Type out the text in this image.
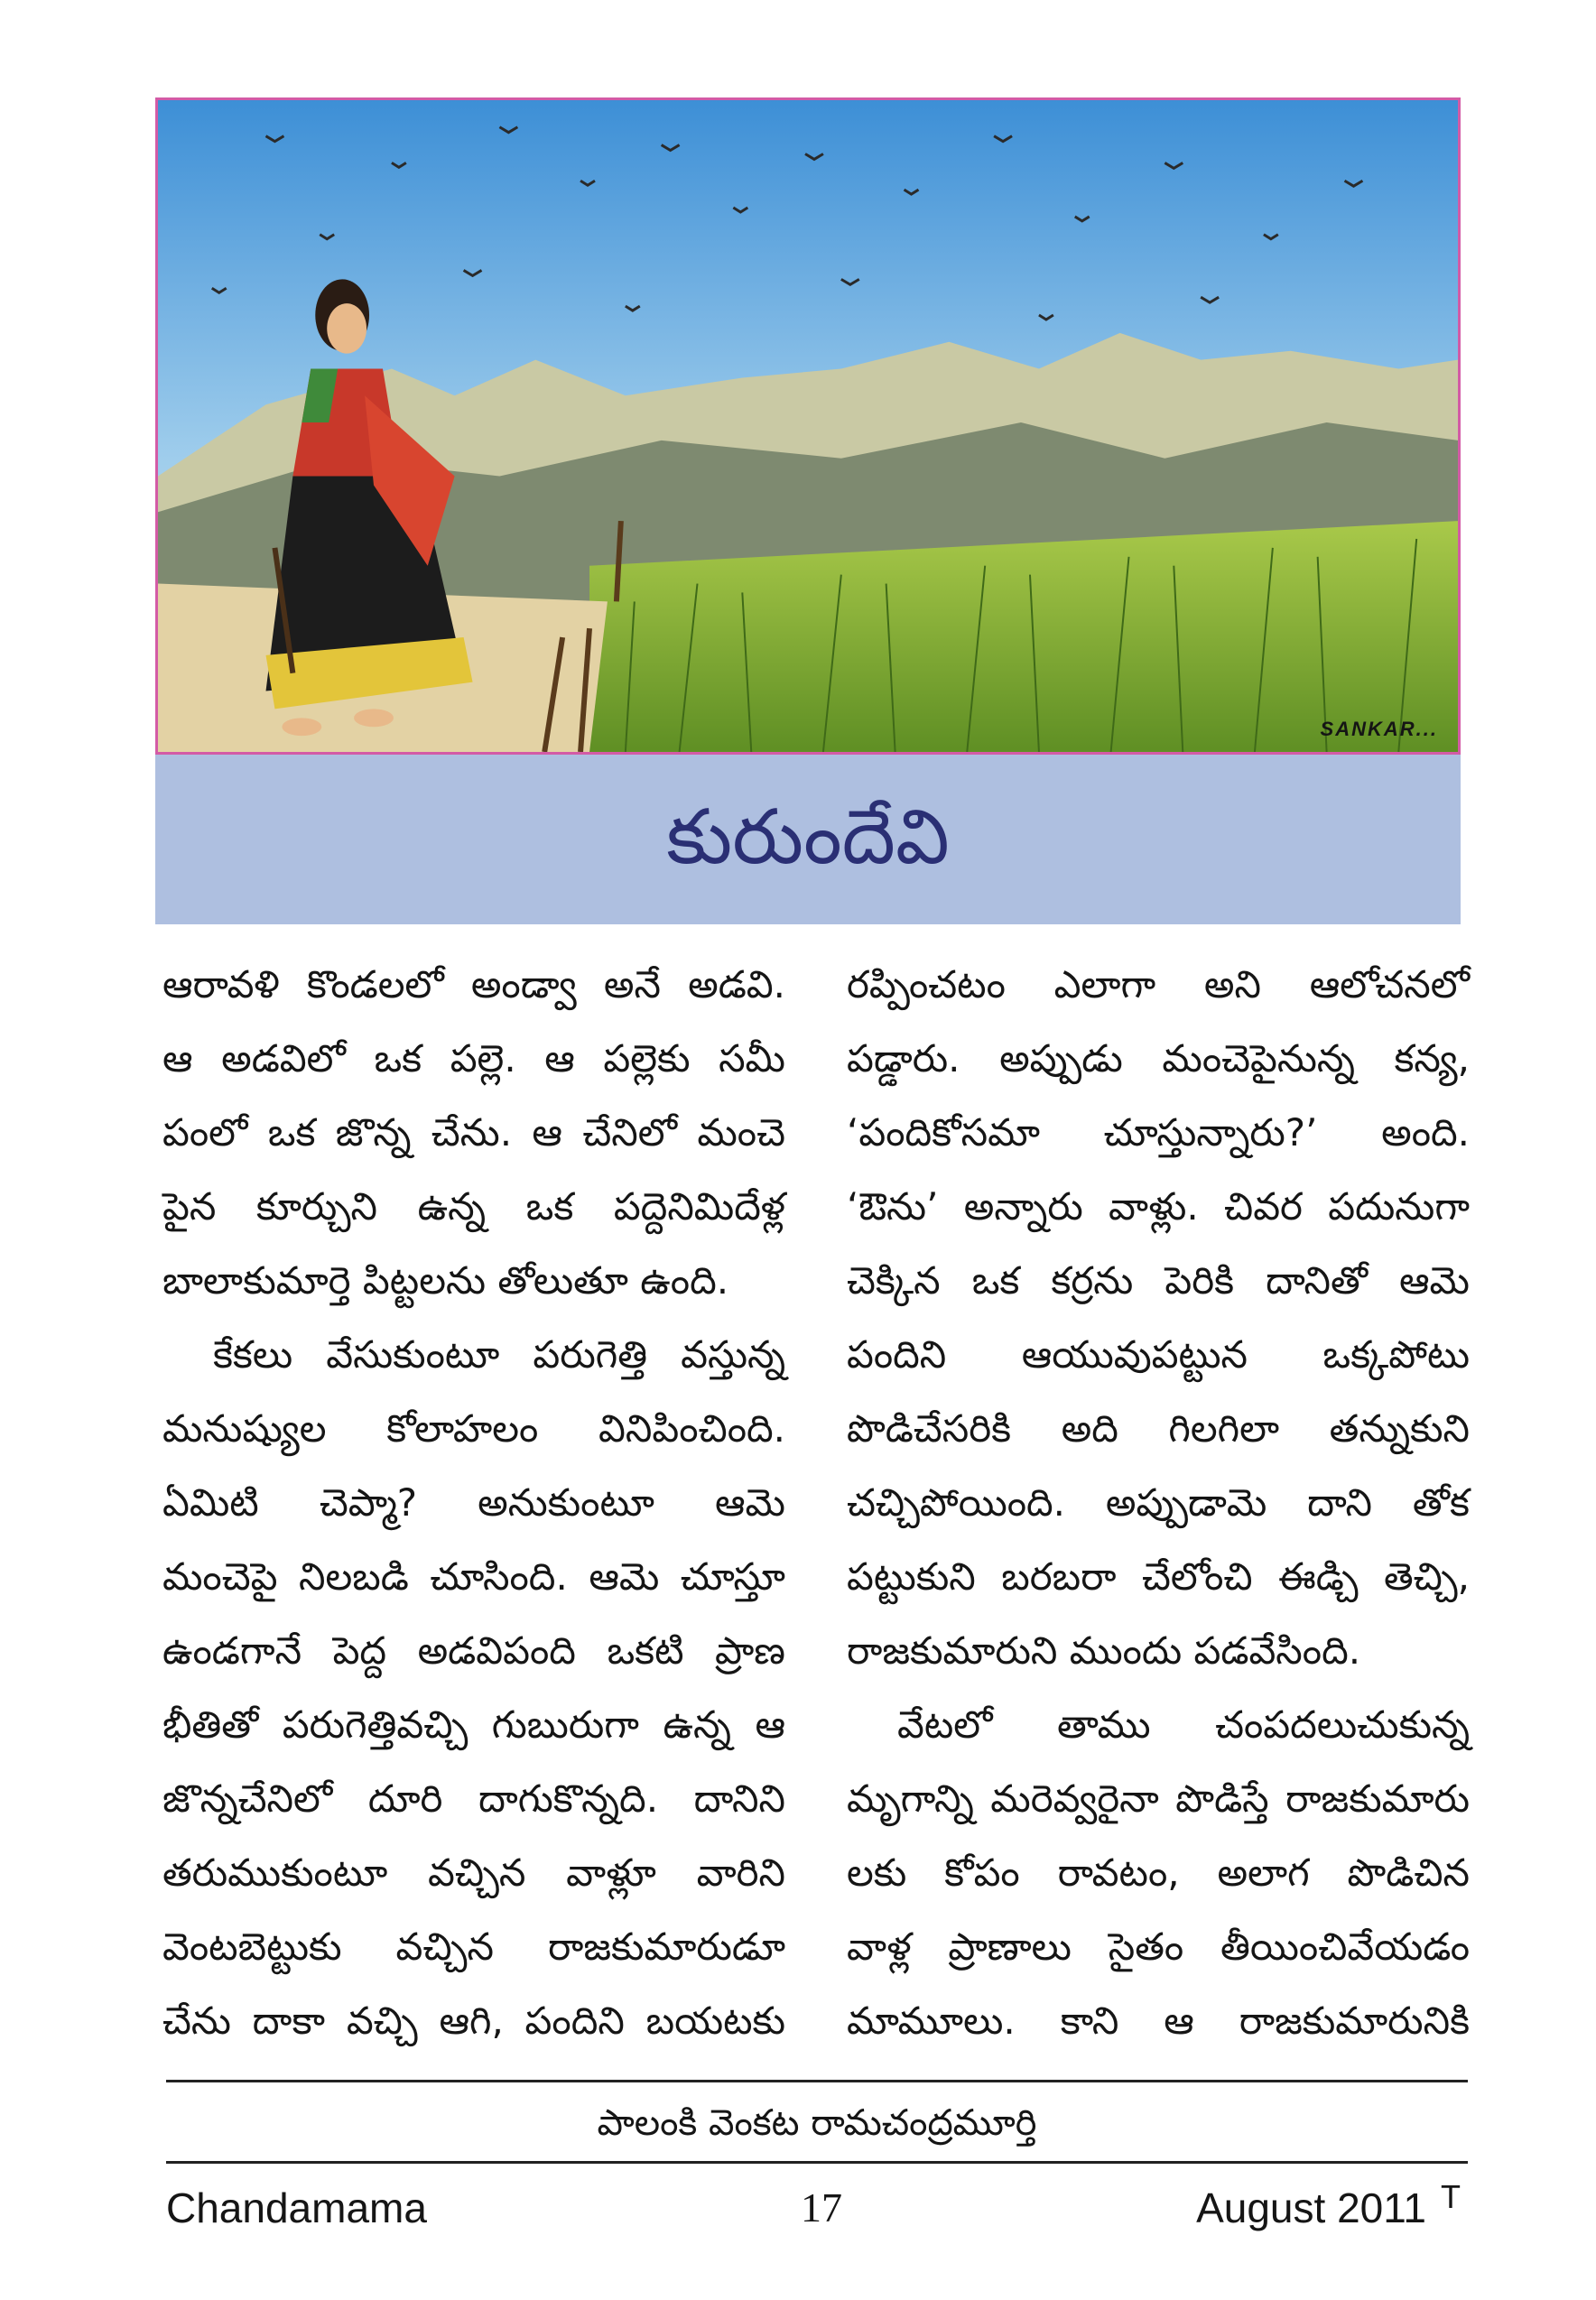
SANKAR...
కురుందేవి
ఆరావళి కొండలలో అండ్వా అనే అడవి.
ఆ అడవిలో ఒక పల్లె. ఆ పల్లెకు సమీ
పంలో ఒక జొన్న చేను. ఆ చేనిలో మంచె
పైన కూర్చుని ఉన్న ఒక పద్దెనిమిదేళ్ల
బాలాకుమార్తె పిట్టలను తోలుతూ ఉంది.
కేకలు వేసుకుంటూ పరుగెత్తి వస్తున్న
మనుష్యుల కోలాహలం వినిపించింది.
ఏమిటి చెప్మా? అనుకుంటూ ఆమె
మంచెపై నిలబడి చూసింది. ఆమె చూస్తూ
ఉండగానే పెద్ద అడవిపంది ఒకటి ప్రాణ
భీతితో పరుగెత్తివచ్చి గుబురుగా ఉన్న ఆ
జొన్నచేనిలో దూరి దాగుకొన్నది. దానిని
తరుముకుంటూ వచ్చిన వాళ్లూ వారిని
వెంటబెట్టుకు వచ్చిన రాజకుమారుడూ
చేను దాకా వచ్చి ఆగి, పందిని బయటకు
రప్పించటం ఎలాగా అని ఆలోచనలో
పడ్డారు. అప్పుడు మంచెపైనున్న కన్య,
‘పందికోసమా చూస్తున్నారు?’ అంది.
‘ఔను’ అన్నారు వాళ్లు. చివర పదునుగా
చెక్కిన ఒక కర్రను పెరికి దానితో ఆమె
పందిని ఆయువుపట్టున ఒక్కపోటు
పొడిచేసరికి అది గిలగిలా తన్నుకుని
చచ్చిపోయింది. అప్పుడామె దాని తోక
పట్టుకుని బరబరా చేలోంచి ఈడ్చి తెచ్చి,
రాజకుమారుని ముందు పడవేసింది.
వేటలో తాము చంపదలుచుకున్న
మృగాన్ని మరెవ్వరైనా పొడిస్తే రాజకుమారు
లకు కోపం రావటం, అలాగ పొడిచిన
వాళ్ల ప్రాణాలు సైతం తీయించివేయడం
మామూలు. కాని ఆ రాజకుమారునికి
పాలంకి వెంకట రామచంద్రమూర్తి
Chandamama	17	August 2011 T
